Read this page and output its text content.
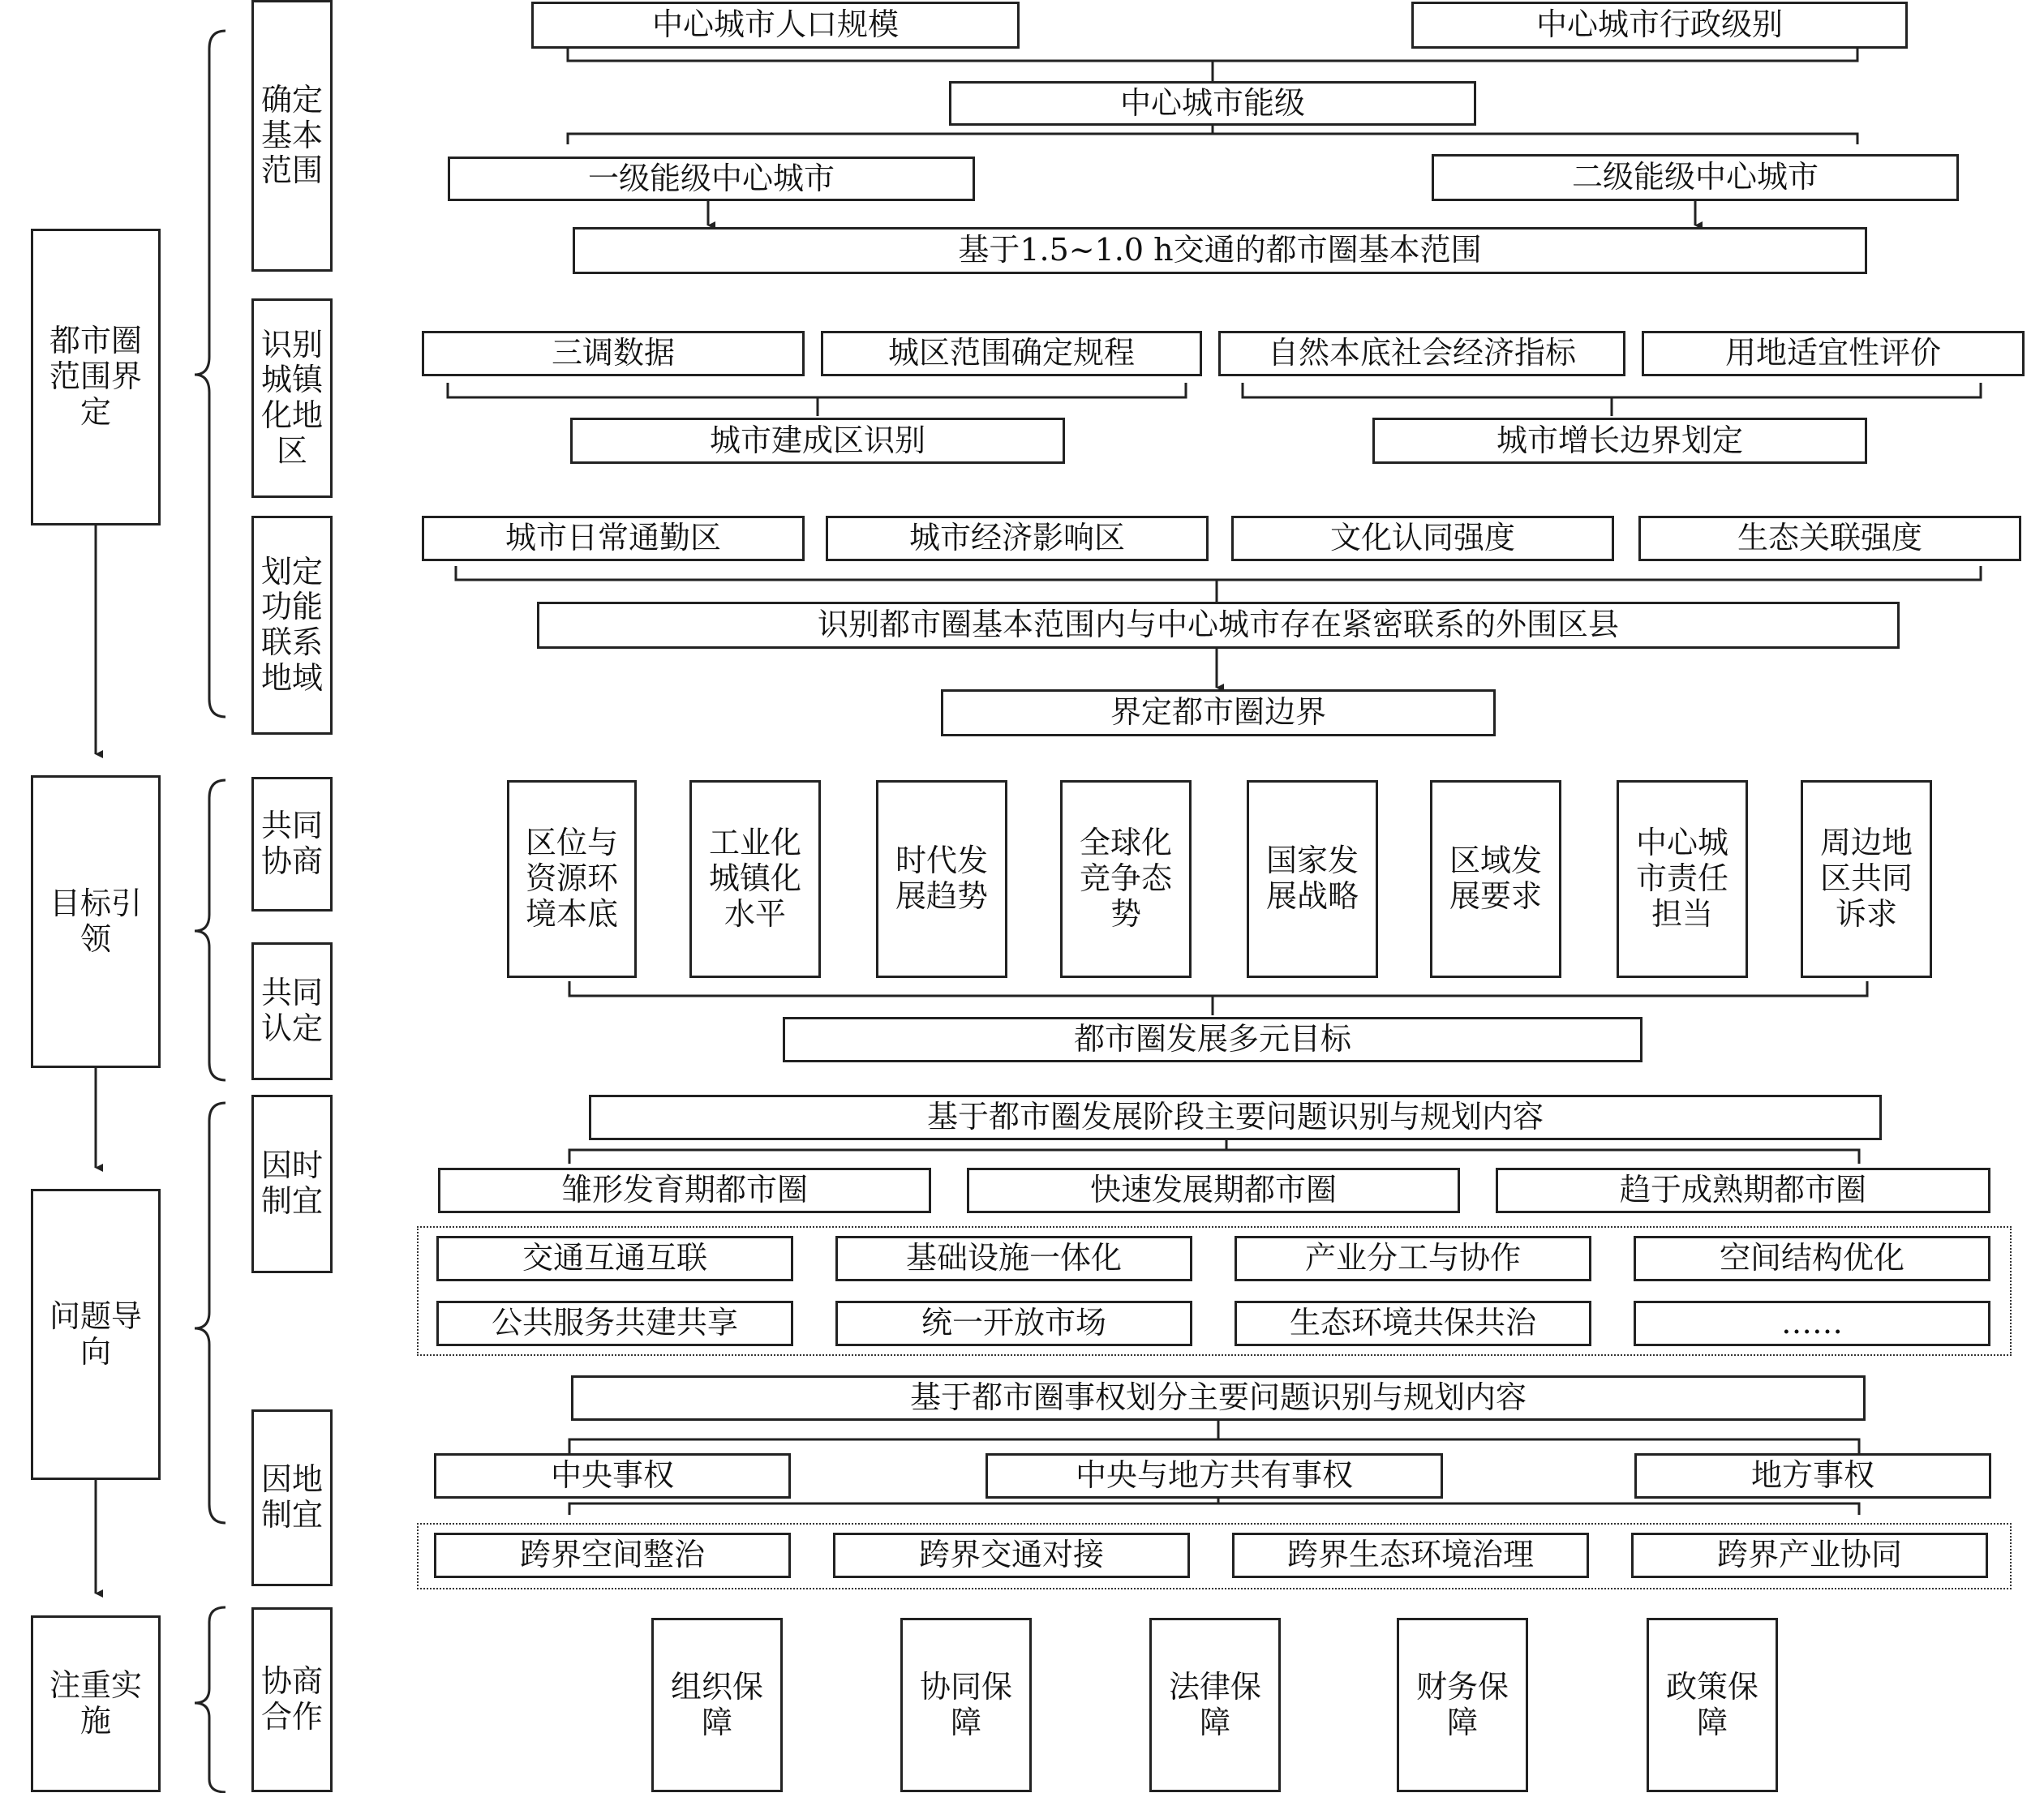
都市圈范围界定
目标引领
问题导向
注重实施
确定基本范围
识别城镇化地区
划定功能联系地域
共同协商
共同认定
因时制宜
因地制宜
协商合作
中心城市人口规模	中心城市行政级别
中心城市能级
一级能级中心城市	二级能级中心城市
基于1.5~1.0 h交通的都市圈基本范围
三调数据	城区范围确定规程	自然本底社会经济指标	用地适宜性评价
城市建成区识别	城市增长边界划定
城市日常通勤区	城市经济影响区	文化认同强度	生态关联强度
识别都市圈基本范围内与中心城市存在紧密联系的外围区县
界定都市圈边界
区位与资源环境本底
工业化城镇化水平
时代发展趋势
全球化竞争态势
国家发展战略
区域发展要求
中心城市责任担当
周边地区共同诉求
都市圈发展多元目标
基于都市圈发展阶段主要问题识别与规划内容
雏形发育期都市圈	快速发展期都市圈	趋于成熟期都市圈
交通互通互联	基础设施一体化	产业分工与协作	空间结构优化
公共服务共建共享	统一开放市场	生态环境共保共治	……
基于都市圈事权划分主要问题识别与规划内容
中央事权	中央与地方共有事权	地方事权
跨界空间整治	跨界交通对接	跨界生态环境治理	跨界产业协同
组织保障
协同保障
法律保障
财务保障
政策保障
